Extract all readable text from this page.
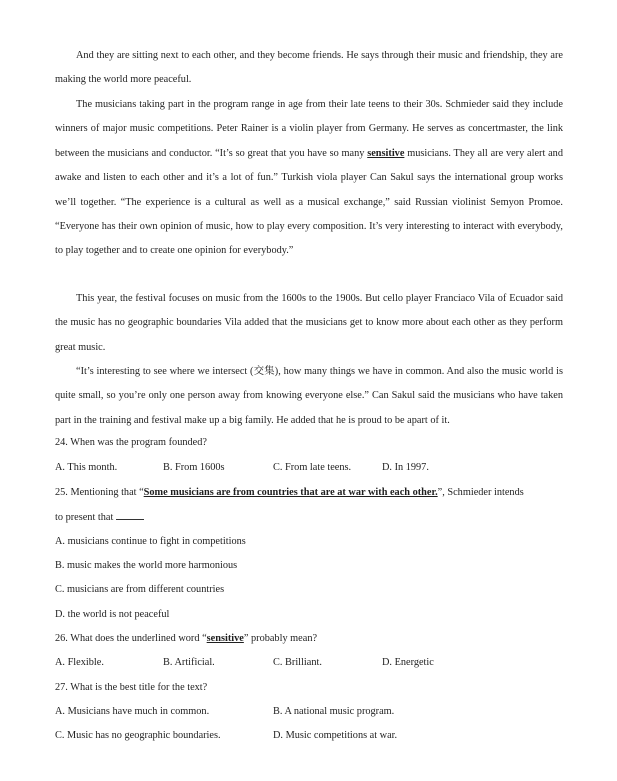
And they are sitting next to each other, and they become friends. He says through their music and friendship, they are making the world more peaceful.
The musicians taking part in the program range in age from their late teens to their 30s. Schmieder said they include winners of major music competitions. Peter Rainer is a violin player from Germany. He serves as concertmaster, the link between the musicians and conductor. “It’s so great that you have so many sensitive musicians. They all are very alert and awake and listen to each other and it’s a lot of fun.” Turkish viola player Can Sakul says the international group works we’ll together. “The experience is a cultural as well as a musical exchange,” said Russian violinist Semyon Promoe. “Everyone has their own opinion of music, how to play every composition. It’s very interesting to interact with everybody, to play together and to create one opinion for everybody.”
This year, the festival focuses on music from the 1600s to the 1900s. But cello player Franciaco Vila of Ecuador said the music has no geographic boundaries Vila added that the musicians get to know more about each other as they perform great music.
“It’s interesting to see where we intersect (交集), how many things we have in common. And also the music world is quite small, so you’re only one person away from knowing everyone else.” Can Sakul said the musicians who have taken part in the training and festival make up a big family. He added that he is proud to be apart of it.
24. When was the program founded?
A. This month.	B. From 1600s	C. From late teens.	D. In 1997.
25. Mentioning that “Some musicians are from countries that are at war with each other.”, Schmieder intends
to present that
A. musicians continue to fight in competitions
B. music makes the world more harmonious
C. musicians are from different countries
D. the world is not peaceful
26. What does the underlined word “sensitive” probably mean?
A. Flexible.	B. Artificial.	C. Brilliant.	D. Energetic
27. What is the best title for the text?
A. Musicians have much in common.	B. A national music program.
C. Music has no geographic boundaries.	D. Music competitions at war.
